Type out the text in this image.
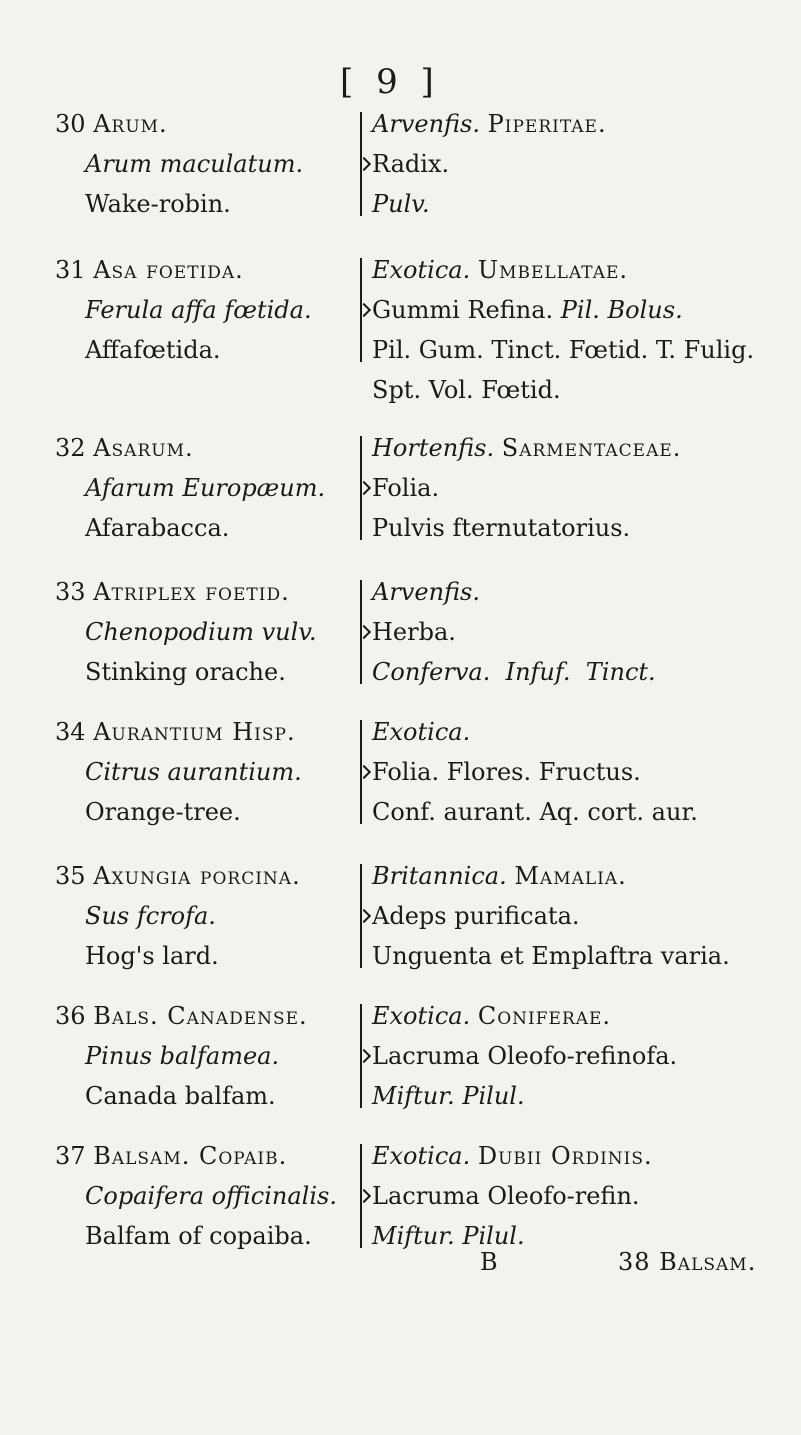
[ 9 ]
30 Arum.
Arum maculatum.
Wake-robin.
Arvenfis. Piperitae.
Radix.
Pulv.
31 Asa foetida.
Ferula affa fœtida.
Affafœtida.
Exotica. Umbellatae.
Gummi Refina. Pil. Bolus.
Pil. Gum. Tinct. Fœtid. T. Fulig.
Spt. Vol. Fœtid.
32 Asarum.
Afarum Europæum.
Afarabacca.
Hortenfis. Sarmentaceae.
Folia.
Pulvis fternutatorius.
33 Atriplex foetid.
Chenopodium vulv.
Stinking orache.
Arvenfis.
Herba.
Conferva. Infuf. Tinct.
34 Aurantium Hisp.
Citrus aurantium.
Orange-tree.
Exotica.
Folia. Flores. Fructus.
Conf. aurant. Aq. cort. aur.
35 Axungia porcina.
Sus fcrofa.
Hog's lard.
Britannica. Mamalia.
Adeps purificata.
Unguenta et Emplaftra varia.
36 Bals. Canadense.
Pinus balfamea.
Canada balfam.
Exotica. Coniferae.
Lacruma Oleofo-refinofa.
Miftur. Pilul.
37 Balsam. Copaib.
Copaifera officinalis.
Balfam of copaiba.
Exotica. Dubii Ordinis.
Lacruma Oleofo-refin.
Miftur. Pilul.
B	38 Balsam.
